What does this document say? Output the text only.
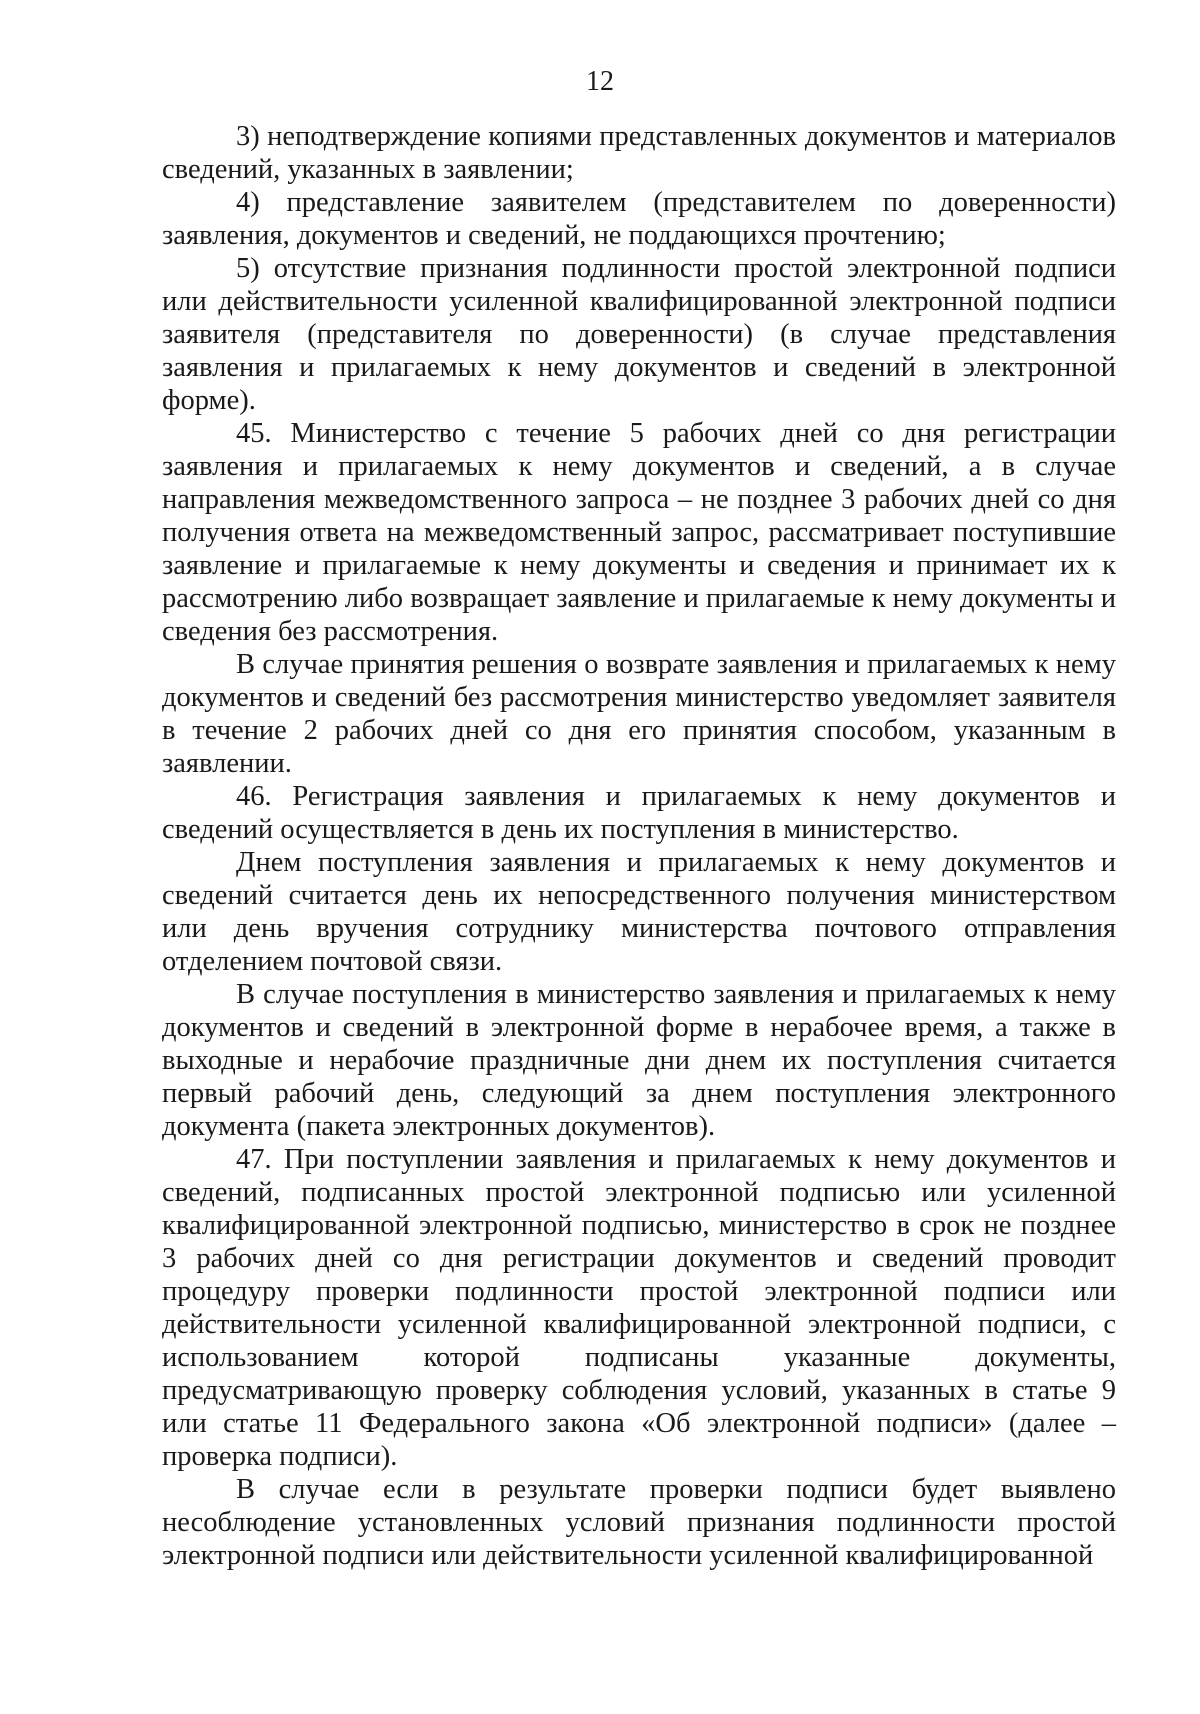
12

3) неподтверждение копиями представленных документов и материалов сведений, указанных в заявлении;

4) представление заявителем (представителем по доверенности) заявления, документов и сведений, не поддающихся прочтению;

5) отсутствие признания подлинности простой электронной подписи или действительности усиленной квалифицированной электронной подписи заявителя (представителя по доверенности) (в случае представления заявления и прилагаемых к нему документов и сведений в электронной форме).

45. Министерство с течение 5 рабочих дней со дня регистрации заявления и прилагаемых к нему документов и сведений, а в случае направления межведомственного запроса – не позднее 3 рабочих дней со дня получения ответа на межведомственный запрос, рассматривает поступившие заявление и прилагаемые к нему документы и сведения и принимает их к рассмотрению либо возвращает заявление и прилагаемые к нему документы и сведения без рассмотрения.

В случае принятия решения о возврате заявления и прилагаемых к нему документов и сведений без рассмотрения министерство уведомляет заявителя в течение 2 рабочих дней со дня его принятия способом, указанным в заявлении.

46. Регистрация заявления и прилагаемых к нему документов и сведений осуществляется в день их поступления в министерство.

Днем поступления заявления и прилагаемых к нему документов и сведений считается день их непосредственного получения министерством или день вручения сотруднику министерства почтового отправления отделением почтовой связи.

В случае поступления в министерство заявления и прилагаемых к нему документов и сведений в электронной форме в нерабочее время, а также в выходные и нерабочие праздничные дни днем их поступления считается первый рабочий день, следующий за днем поступления электронного документа (пакета электронных документов).

47. При поступлении заявления и прилагаемых к нему документов и сведений, подписанных простой электронной подписью или усиленной квалифицированной электронной подписью, министерство в срок не позднее 3 рабочих дней со дня регистрации документов и сведений проводит процедуру проверки подлинности простой электронной подписи или действительности усиленной квалифицированной электронной подписи, с использованием которой подписаны указанные документы, предусматривающую проверку соблюдения условий, указанных в статье 9 или статье 11 Федерального закона «Об электронной подписи» (далее – проверка подписи).

В случае если в результате проверки подписи будет выявлено несоблюдение установленных условий признания подлинности простой электронной подписи или действительности усиленной квалифицированной
